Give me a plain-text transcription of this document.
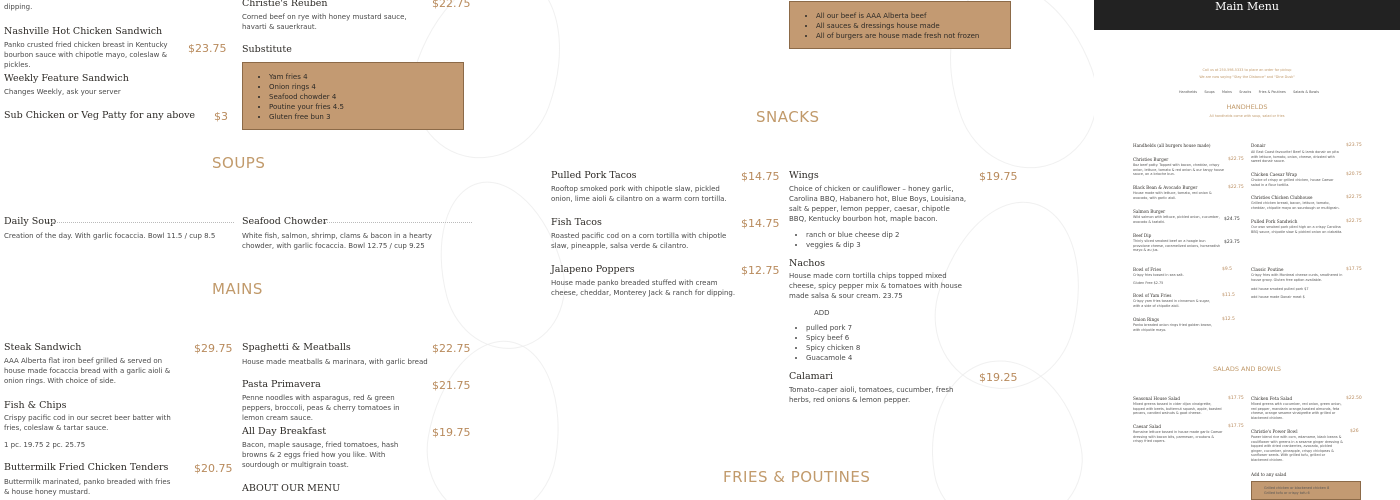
dipping.
Nashville Hot Chicken Sandwich
Panko crusted fried chicken breast in Kentucky bourbon sauce with chipotle mayo, coleslaw & pickles.
$23.75
Weekly Feature Sandwich
Changes Weekly, ask your server
Sub Chicken or Veg Patty for any above $3
SOUPS
Daily Soup
Creation of the day. With garlic focaccia. Bowl 11.5 / cup 8.5
MAINS
Steak Sandwich	$29.75
AAA Alberta flat iron beef grilled & served on house made focaccia bread with a garlic aioli & onion rings. With choice of side.
Fish & Chips
Crispy pacific cod in our secret beer batter with fries, coleslaw & tartar sauce.
1 pc. 19.75 2 pc. 25.75
Buttermilk Fried Chicken Tenders $20.75
Buttermilk marinated, panko breaded with fries & house honey mustard.
Christie's Reuben	$22.75
Corned beef on rye with honey mustard sauce, havarti & sauerkraut.
Substitute
• Yam fries 4
• Onion rings 4
• Seafood chowder 4
• Poutine your fries 4.5
• Gluten free bun 3
Seafood Chowder
White fish, salmon, shrimp, clams & bacon in a hearty chowder, with garlic focaccia. Bowl 12.75 / cup 9.25
Spaghetti & Meatballs	$22.75
House made meatballs & marinara, with garlic bread
Pasta Primavera	$21.75
Penne noodles with asparagus, red & green peppers, broccoli, peas & cherry tomatoes in lemon cream sauce.
All Day Breakfast	$19.75
Bacon, maple sausage, fried tomatoes, hash browns & 2 eggs fried how you like. With sourdough or multigrain toast.
ABOUT OUR MENU
SNACKS
Pulled Pork Tacos	$14.75
Rooftop smoked pork with chipotle slaw, pickled onion, lime aioli & cilantro on a warm corn tortilla.
Fish Tacos	$14.75
Roasted pacific cod on a corn tortilla with chipotle slaw, pineapple, salsa verde & cilantro.
Jalapeno Poppers	$12.75
House made panko breaded stuffed with cream cheese, cheddar, Monterey Jack & ranch for dipping.
FRIES & POUTINES
• All our beef is AAA Alberta beef
• All sauces & dressings house made
• All of burgers are house made fresh not frozen
Wings	$19.75
Choice of chicken or cauliflower – honey garlic, Carolina BBQ, Habanero hot, Blue Boys, Louisiana, salt & pepper, lemon pepper, caesar, chipotle BBQ, Kentucky bourbon hot, maple bacon.
• ranch or blue cheese dip 2
• veggies & dip 3
Nachos
House made corn tortilla chips topped mixed cheese, spicy pepper mix & tomatoes with house made salsa & sour cream. 23.75
ADD
• pulled pork 7
• Spicy beef 6
• Spicy chicken 8
• Guacamole 4
Calamari	$19.25
Tomato–caper aioli, tomatoes, cucumber, fresh herbs, red onions & lemon pepper.
Main Menu
Call us at 250-598-5333 to place an order for pickup
We are now saying "Stay the Distance" and "Dine Dusk"
Handhelds Soups Mains Snacks Fries & Poutines Salads & Bowls
HANDHELDS
All handhelds come with soup, salad or fries
Handhelds (all burgers house made)
Christies Burger	$22.75
8oz beef patty. Topped with bacon, cheddar, crispy onion, lettuce, tomato & red onion & our tangy house sauce, on a brioche bun.
Black Bean & Avocado Burger	$22.75
House made with lettuce, tomato, red onion & avocado, with garlic aioli.
Salmon Burger
$24.75
Wild salmon with lettuce, pickled onion, cucumber, avocado & tzatziki.
Beef Dip
$23.75
Thinly sliced smoked beef on a hoagie bun provolone cheese, caramelized onions, horseradish mayo & au jus.
Donair	$23.75
All East Coast favourite! Beef & lamb donair on pita with lettuce, tomato, onion, cheese, drizzled with sweet donair sauce.
Chicken Caesar Wrap	$20.75
Choice of crispy or grilled chicken, house Caesar salad in a flour tortilla.
Christies Chicken Clubhouse	$22.75
Grilled chicken breast, bacon, lettuce, tomato, cheddar, chipotle mayo on sourdough or multigrain.
Pulled Pork Sandwich	$22.75
Our own smoked pork piled high on a crispy Carolina BBQ sauce, chipotle slaw & pickled onion on ciabatta.
Bowl of Fries	$9.5
Crispy fries tossed in sea salt.
Gluten Free $2.75
Bowl of Yam Fries	$11.5
Crispy yam fries tossed in cinnamon & sugar, with a side of chipotle aioli.
Onion Rings	$12.5
Panko breaded onion rings fried golden brown, with chipotle mayo.
Classic Poutine	$17.75
Crispy fries with Montreal cheese curds, smothered in house gravy. Gluten free option available.
add house smoked pulled pork $7
add house made Donair meat $
SALADS AND BOWLS
Seasonal House Salad	$17.75
Mixed greens tossed in cider dijon vinaigrette, topped with beets, butternut squash, apple, toasted pecans, candied walnuts & goat cheese.
Caesar Salad	$17.75
Romaine lettuce tossed in house made garlic Caesar dressing with bacon bits, parmesan, croutons & crispy fried capers.
Chicken Feta Salad	$22.50
Mixed greens with cucumber, red onion, green onion, red pepper, mandarin orange,toasted almonds, feta cheese, orange sesame vinaigrette with grilled or blackened chicken.
Christie's Power Bowl	$26
Power blend rice with corn, edamame, black beans & cauliflower with greens in a sesame ginger dressing & topped with dried cranberries, avocado, pickled ginger, cucumber, pineapple, crispy chickpeas & sunflower seeds. With grilled tofu, grilled or blackened chicken.
Add to any salad
Grilled chicken or blackened chicken 8
Grilled tofu or crispy tofu 6
